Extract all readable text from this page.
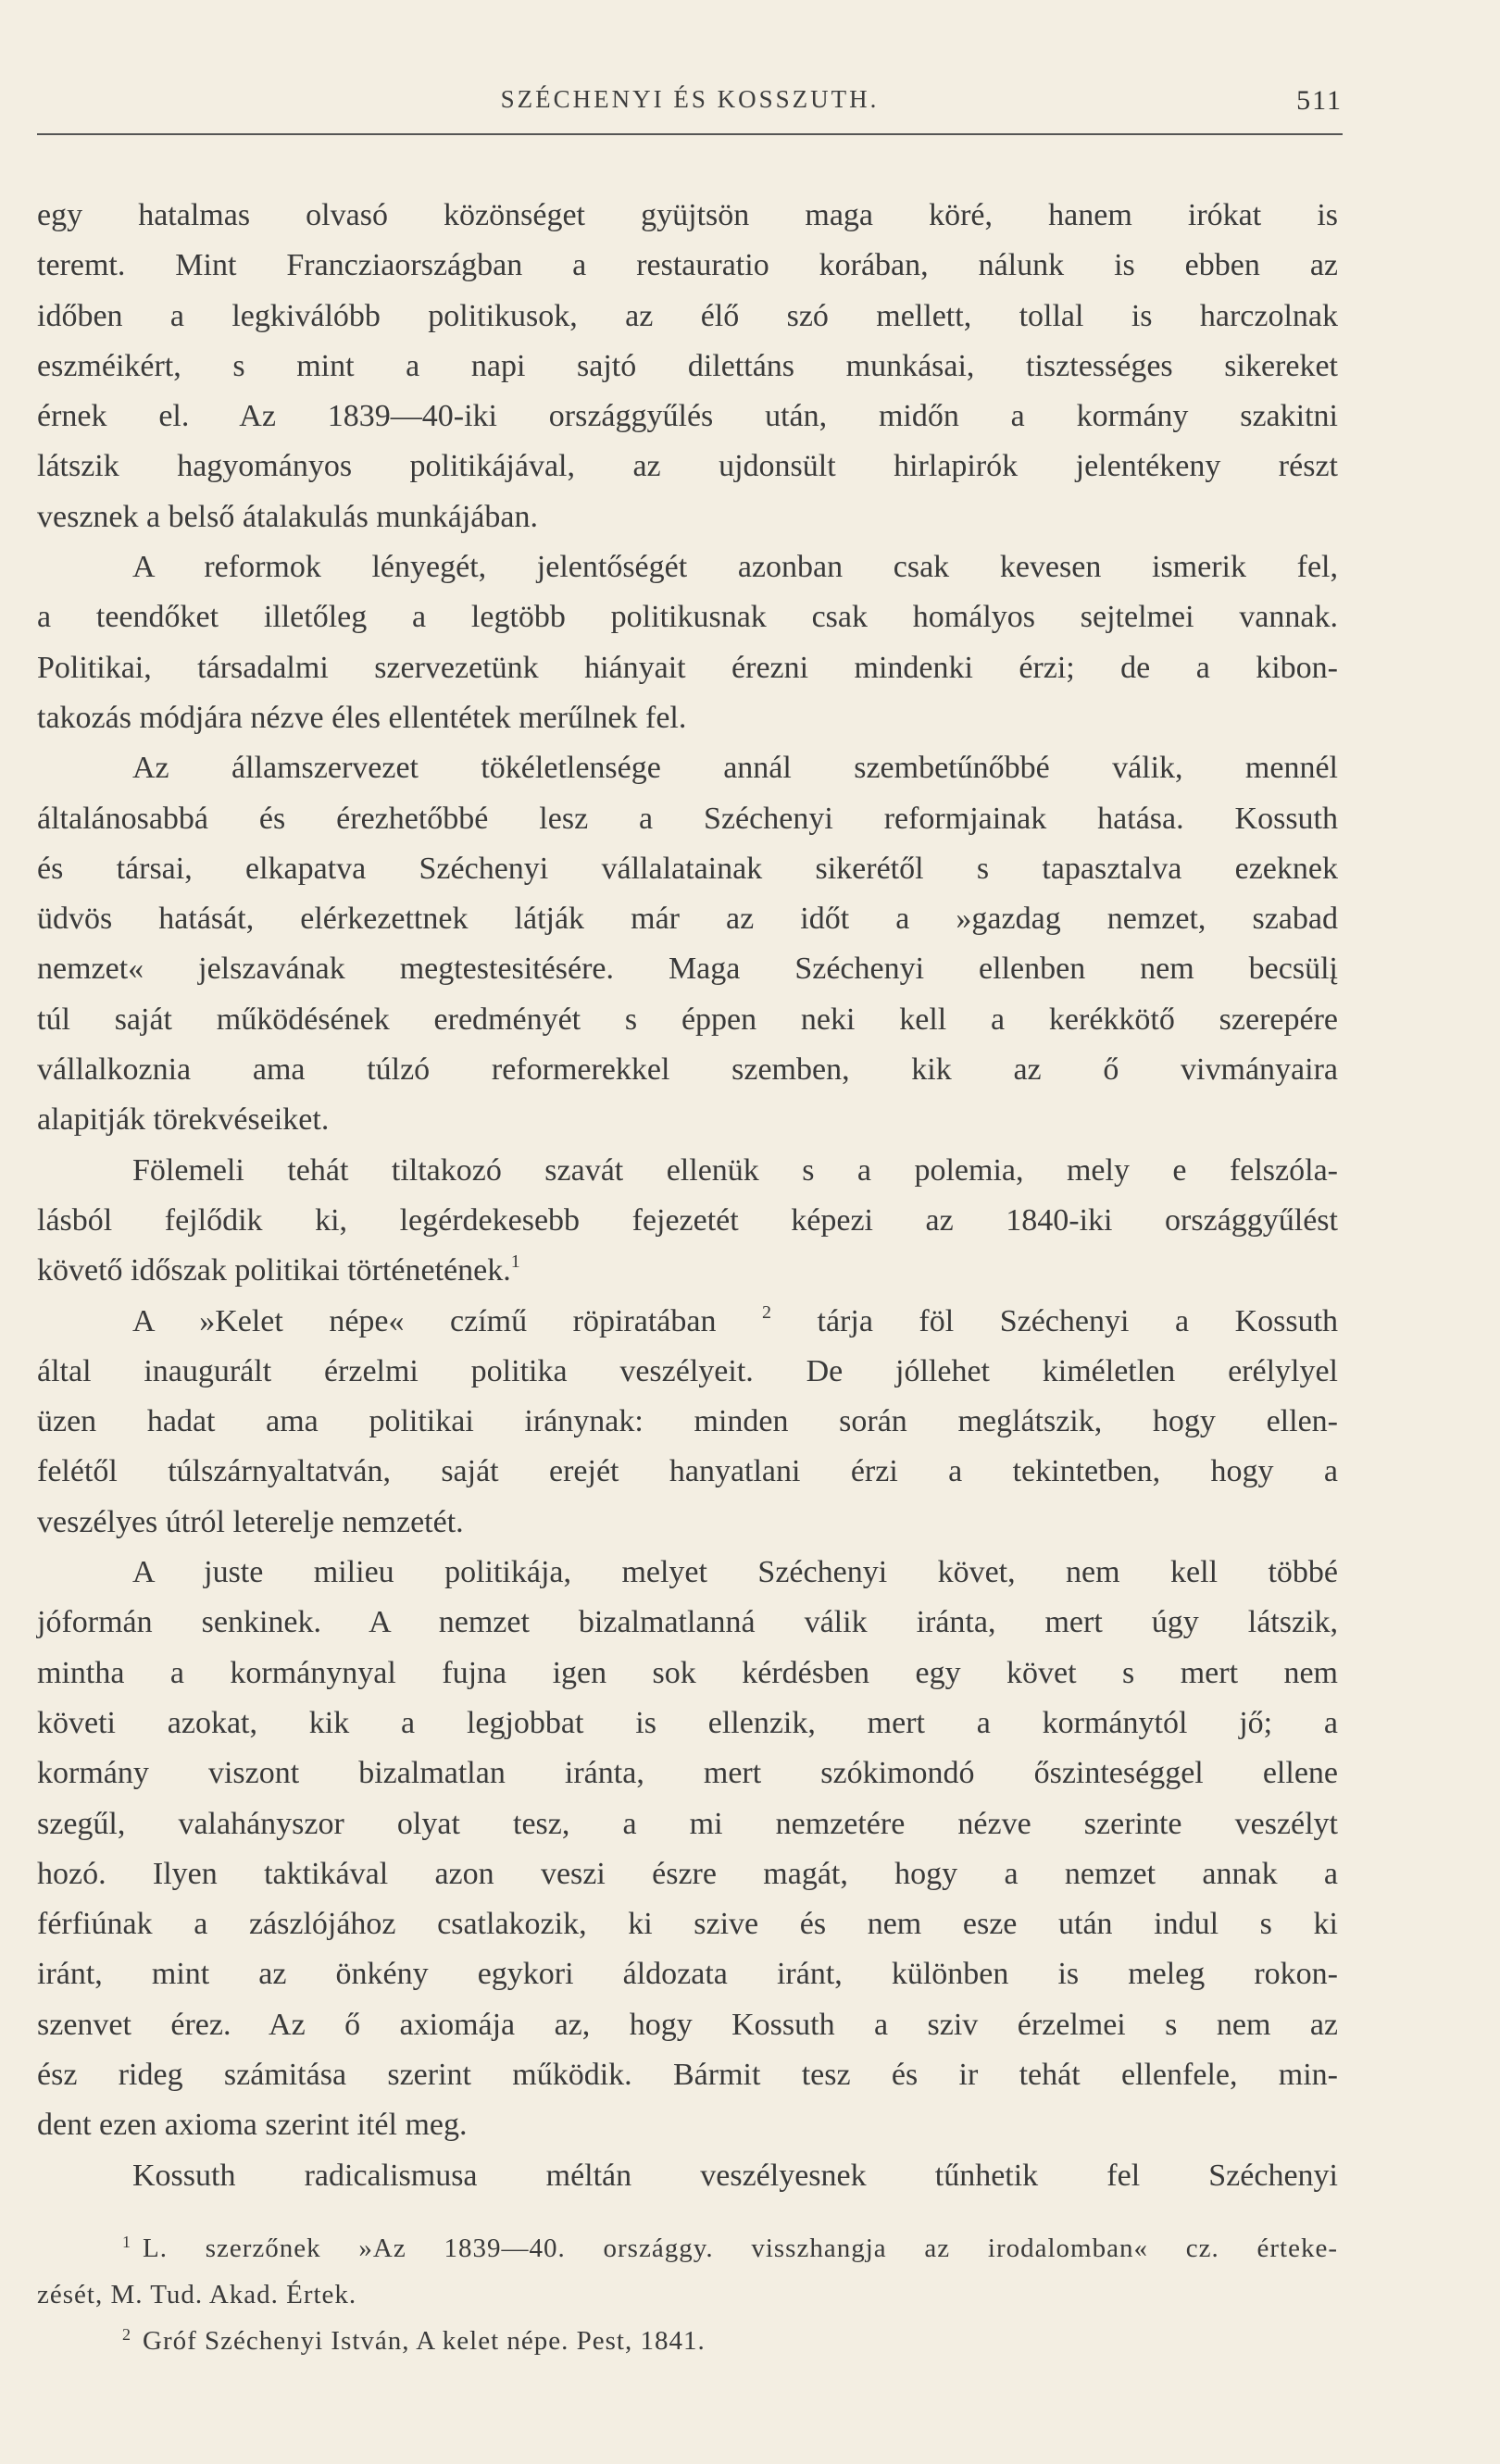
SZÉCHENYI ÉS KOSSZUTH.	511

egy hatalmas olvasó közönséget gyüjtsön maga köré, hanem irókat is

teremt. Mint Francziaországban a restauratio korában, nálunk is ebben az

időben a legkiválóbb politikusok, az élő szó mellett, tollal is harczolnak

eszméikért, s mint a napi sajtó dilettáns munkásai, tisztességes sikereket

érnek el. Az 1839—40-iki országgyűlés után, midőn a kormány szakitni

látszik hagyományos politikájával, az ujdonsült hirlapirók jelentékeny részt

vesznek a belső átalakulás munkájában.

A reformok lényegét, jelentőségét azonban csak kevesen ismerik fel,

a teendőket illetőleg a legtöbb politikusnak csak homályos sejtelmei vannak.

Politikai, társadalmi szervezetünk hiányait érezni mindenki érzi; de a kibon-

takozás módjára nézve éles ellentétek merűlnek fel.

Az államszervezet tökéletlensége annál szembetűnőbbé válik, mennél

általánosabbá és érezhetőbbé lesz a Széchenyi reformjainak hatása. Kossuth

és társai, elkapatva Széchenyi vállalatainak sikerétől s tapasztalva ezeknek

üdvös hatását, elérkezettnek látják már az időt a »gazdag nemzet, szabad

nemzet« jelszavának megtestesitésére. Maga Széchenyi ellenben nem becsülį

túl saját működésének eredményét s éppen neki kell a kerékkötő szerepére

vállalkoznia ama túlzó reformerekkel szemben, kik az ő vivmányaira

alapitják törekvéseiket.

Fölemeli tehát tiltakozó szavát ellenük s a polemia, mely e felszóla-

lásból fejlődik ki, legérdekesebb fejezetét képezi az 1840-iki országgyűlést

követő időszak politikai történetének.$^1$

A »Kelet népe« czímű röpiratában $^2$ tárja föl Széchenyi a Kossuth

által inaugurált érzelmi politika veszélyeit. De jóllehet kiméletlen erélylyel

üzen hadat ama politikai iránynak: minden során meglátszik, hogy ellen-

felétől túlszárnyaltatván, saját erejét hanyatlani érzi a tekintetben, hogy a

veszélyes útról leterelje nemzetét.

A juste milieu politikája, melyet Széchenyi követ, nem kell többé

jóformán senkinek. A nemzet bizalmatlanná válik iránta, mert úgy látszik,

mintha a kormánynyal fujna igen sok kérdésben egy követ s mert nem

követi azokat, kik a legjobbat is ellenzik, mert a kormánytól jő; a

kormány viszont bizalmatlan iránta, mert szókimondó őszinteséggel ellene

szegűl, valahányszor olyat tesz, a mi nemzetére nézve szerinte veszélyt

hozó. Ilyen taktikával azon veszi észre magát, hogy a nemzet annak a

férfiúnak a zászlójához csatlakozik, ki szive és nem esze után indul s ki

iránt, mint az önkény egykori áldozata iránt, különben is meleg rokon-

szenvet érez. Az ő axiomája az, hogy Kossuth a sziv érzelmei s nem az

ész rideg számitása szerint működik. Bármit tesz és ir tehát ellenfele, min-

dent ezen axioma szerint itél meg.

Kossuth radicalismusa méltán veszélyesnek tűnhetik fel Széchenyi

$^1$ L. szerzőnek »Az 1839—40. országgy. visszhangja az irodalomban« cz. érteke-

zését, M. Tud. Akad. Értek.

$^2$ Gróf Széchenyi István, A kelet népe. Pest, 1841.
